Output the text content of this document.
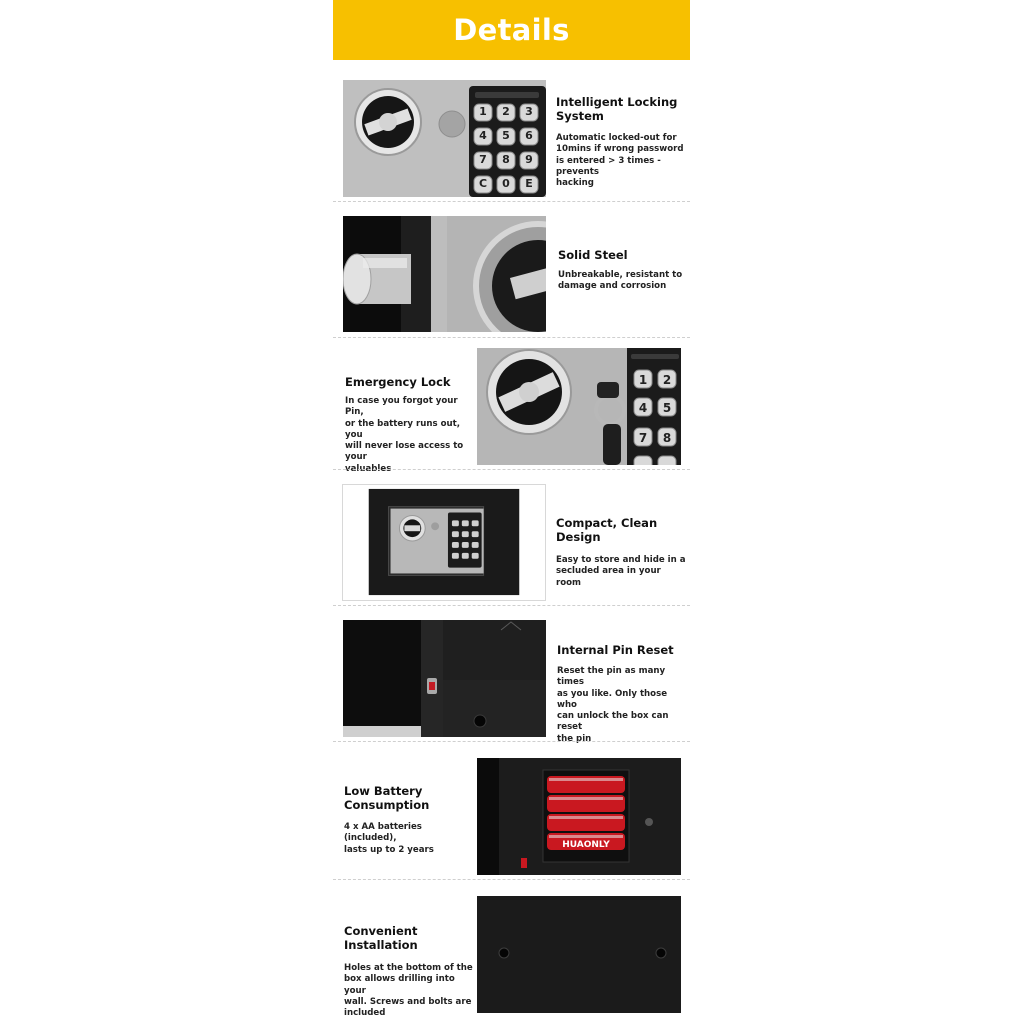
Details
1	2	3
4	5	6
7	8	9
C	0	E

Intelligent Locking
System

Automatic locked-out for
10mins if wrong password
is entered > 3 times - prevents
hacking

Solid Steel

Unbreakable, resistant to
damage and corrosion

Emergency Lock

In case you forgot your Pin,
or the battery runs out, you
will never lose access to your
valuables

1 2
4 5
7 8

Compact, Clean Design

Easy to store and hide in a
secluded area in your room

Internal Pin Reset

Reset the pin as many times
as you like. Only those who
can unlock the box can reset
the pin

Low Battery
Consumption

4 x AA batteries (included),
lasts up to 2 years	HUAONLY

Convenient Installation

Holes at the bottom of the
box allows drilling into your
wall. Screws and bolts are
included
